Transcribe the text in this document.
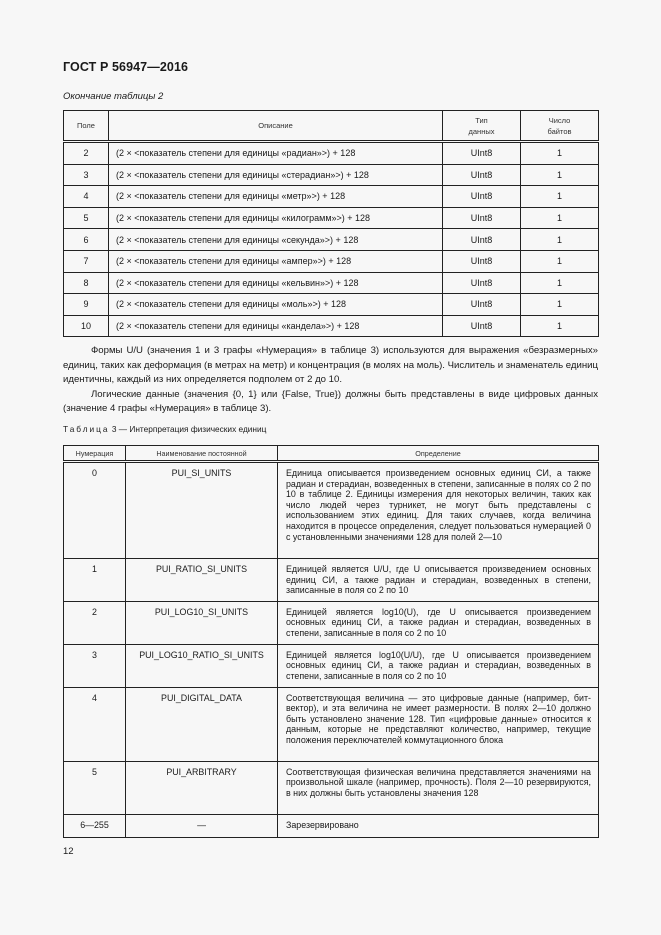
ГОСТ Р 56947—2016
Окончание таблицы 2
Поле	Описание	Тип данных	Число байтов
2	(2 × <показатель степени для единицы «радиан»>) + 128	UInt8	1
3	(2 × <показатель степени для единицы «стерадиан»>) + 128	UInt8	1
4	(2 × <показатель степени для единицы «метр»>) + 128	UInt8	1
5	(2 × <показатель степени для единицы «килограмм»>) + 128	UInt8	1
6	(2 × <показатель степени для единицы «секунда»>) + 128	UInt8	1
7	(2 × <показатель степени для единицы «ампер»>) + 128	UInt8	1
8	(2 × <показатель степени для единицы «кельвин»>) + 128	UInt8	1
9	(2 × <показатель степени для единицы «моль»>) + 128	UInt8	1
10	(2 × <показатель степени для единицы «кандела»>) + 128	UInt8	1

Формы U/U (значения 1 и 3 графы «Нумерация» в таблице 3) используются для выражения «безразмерных» единиц, таких как деформация (в метрах на метр) и концентрация (в молях на моль). Числитель и знаменатель единиц идентичны, каждый из них определяется подполем от 2 до 10.

Логические данные (значения {0, 1} или {False, True}) должны быть представлены в виде цифровых данных (значение 4 графы «Нумерация» в таблице 3).

Таблица 3 — Интерпретация физических единиц
Нумерация	Наименование постоянной	Определение
0	PUI_SI_UNITS	Единица описывается произведением основных единиц СИ, а также радиан и стерадиан, возведенных в степени, записанные в полях со 2 по 10 в таблице 2. Единицы измерения для некоторых величин, таких как число людей через турникет, не могут быть представлены с использованием этих единиц. Для таких случаев, когда величина находится в процессе определения, следует пользоваться нумерацией 0 с установленными значениями 128 для полей 2—10
1	PUI_RATIO_SI_UNITS	Единицей является U/U, где U описывается произведением основных единиц СИ, а также радиан и стерадиан, возведенных в степени, записанные в поля со 2 по 10
2	PUI_LOG10_SI_UNITS	Единицей является log10(U), где U описывается произведением основных единиц СИ, а также радиан и стерадиан, возведенных в степени, записанные в поля со 2 по 10
3	PUI_LOG10_RATIO_SI_UNITS	Единицей является log10(U/U), где U описывается произведением основных единиц СИ, а также радиан и стерадиан, возведенных в степени, записанные в поля со 2 по 10
4	PUI_DIGITAL_DATA	Соответствующая величина — это цифровые данные (например, бит-вектор), и эта величина не имеет размерности. В полях 2—10 должно быть установлено значение 128. Тип «цифровые данные» относится к данным, которые не представляют количество, например, текущие положения переключателей коммутационного блока
5	PUI_ARBITRARY	Соответствующая физическая величина представляется значениями на произвольной шкале (например, прочность). Поля 2—10 резервируются, в них должны быть установлены значения 128
6—255	—	Зарезервировано
12
